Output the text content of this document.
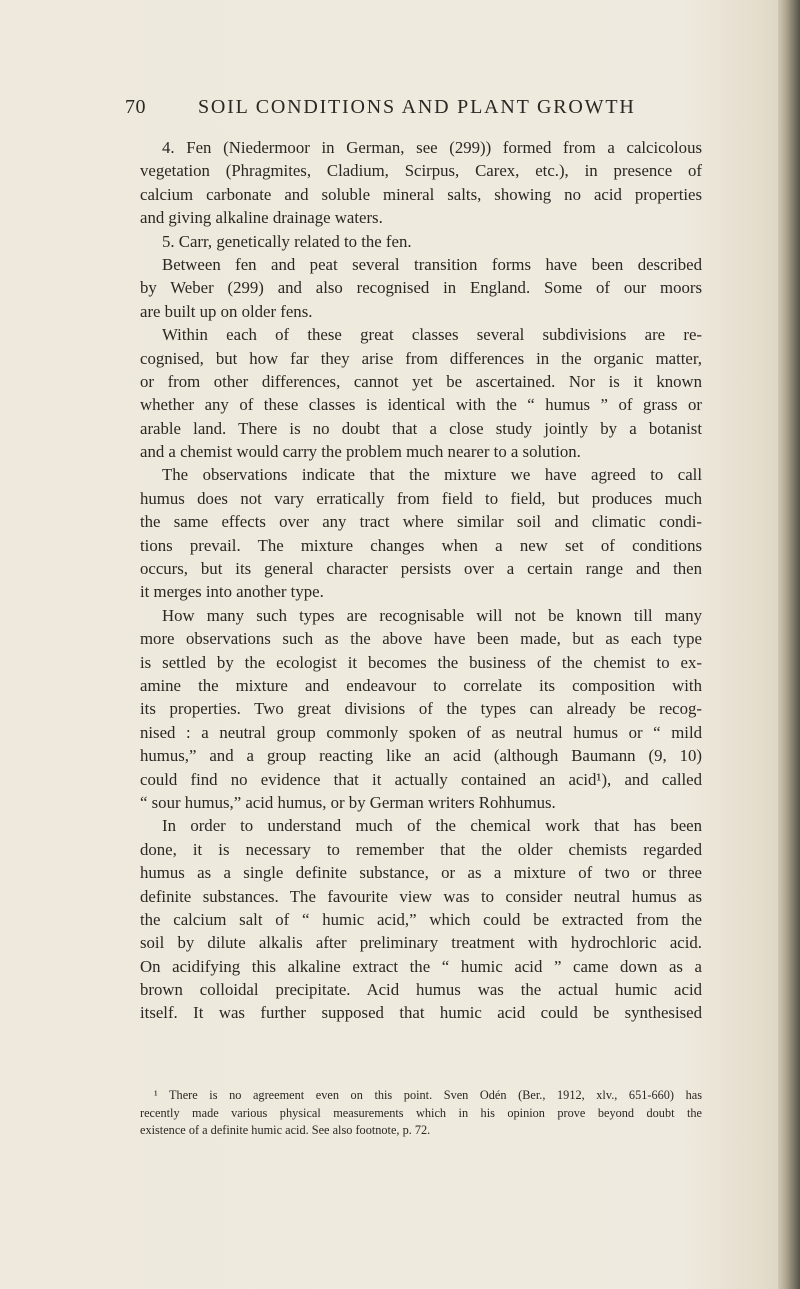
70	SOIL CONDITIONS AND PLANT GROWTH
4. Fen (Niedermoor in German, see (299)) formed from a calcicolous
vegetation (Phragmites, Cladium, Scirpus, Carex, etc.), in presence of
calcium carbonate and soluble mineral salts, showing no acid properties
and giving alkaline drainage waters.
5. Carr, genetically related to the fen.
Between fen and peat several transition forms have been described
by Weber (299) and also recognised in England. Some of our moors
are built up on older fens.
Within each of these great classes several subdivisions are re-
cognised, but how far they arise from differences in the organic matter,
or from other differences, cannot yet be ascertained. Nor is it known
whether any of these classes is identical with the “ humus ” of grass or
arable land. There is no doubt that a close study jointly by a botanist
and a chemist would carry the problem much nearer to a solution.
The observations indicate that the mixture we have agreed to call
humus does not vary erratically from field to field, but produces much
the same effects over any tract where similar soil and climatic condi-
tions prevail. The mixture changes when a new set of conditions
occurs, but its general character persists over a certain range and then
it merges into another type.
How many such types are recognisable will not be known till many
more observations such as the above have been made, but as each type
is settled by the ecologist it becomes the business of the chemist to ex-
amine the mixture and endeavour to correlate its composition with
its properties. Two great divisions of the types can already be recog-
nised : a neutral group commonly spoken of as neutral humus or “ mild
humus,” and a group reacting like an acid (although Baumann (9, 10)
could find no evidence that it actually contained an acid¹), and called
“ sour humus,” acid humus, or by German writers Rohhumus.
In order to understand much of the chemical work that has been
done, it is necessary to remember that the older chemists regarded
humus as a single definite substance, or as a mixture of two or three
definite substances. The favourite view was to consider neutral humus as
the calcium salt of “ humic acid,” which could be extracted from the
soil by dilute alkalis after preliminary treatment with hydrochloric acid.
On acidifying this alkaline extract the “ humic acid ” came down as a
brown colloidal precipitate. Acid humus was the actual humic acid
itself. It was further supposed that humic acid could be synthesised
¹ There is no agreement even on this point. Sven Odén (Ber., 1912, xlv., 651-660) has
recently made various physical measurements which in his opinion prove beyond doubt the
existence of a definite humic acid. See also footnote, p. 72.
